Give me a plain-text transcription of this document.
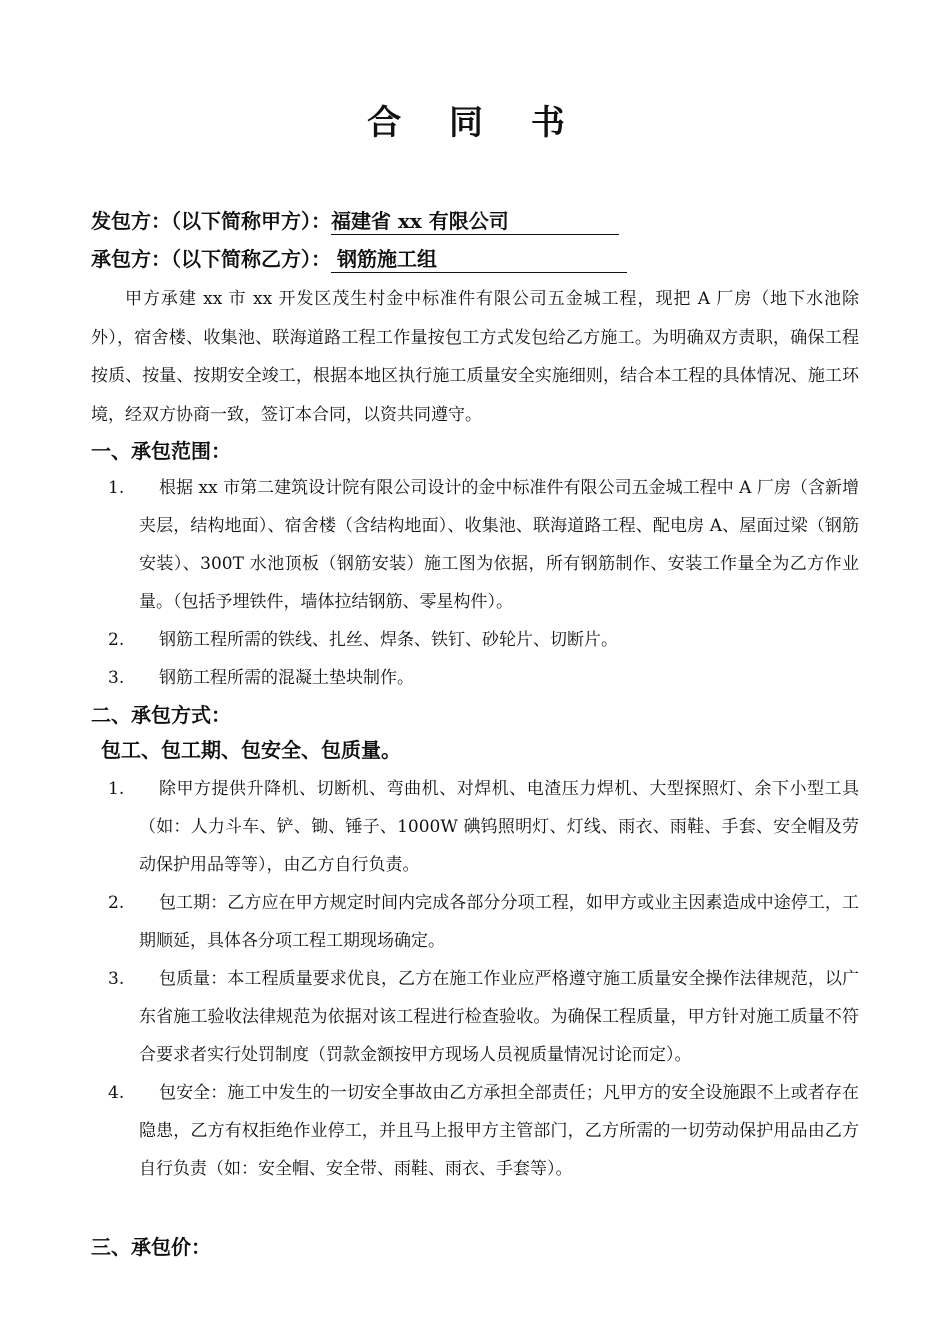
合 同 书
发包方：（以下简称甲方）：福建省 xx 有限公司
承包方：（以下简称乙方）： 钢筋施工组
甲方承建 xx 市 xx 开发区茂生村金中标准件有限公司五金城工程，现把 A 厂房（地下水池除外），宿舍楼、收集池、联海道路工程工作量按包工方式发包给乙方施工。为明确双方责职，确保工程按质、按量、按期安全竣工，根据本地区执行施工质量安全实施细则，结合本工程的具体情况、施工环境，经双方协商一致，签订本合同，以资共同遵守。
一、承包范围：
1.	根据 xx 市第二建筑设计院有限公司设计的金中标准件有限公司五金城工程中 A 厂房（含新增夹层，结构地面）、宿舍楼（含结构地面）、收集池、联海道路工程、配电房 A、屋面过梁（钢筋安装）、300T 水池顶板（钢筋安装）施工图为依据，所有钢筋制作、安装工作量全为乙方作业量。（包括予埋铁件，墙体拉结钢筋、零星构件）。
2.	钢筋工程所需的铁线、扎丝、焊条、铁钉、砂轮片、切断片。
3.	钢筋工程所需的混凝土垫块制作。
二、承包方式：
包工、包工期、包安全、包质量。
1.	除甲方提供升降机、切断机、弯曲机、对焊机、电渣压力焊机、大型探照灯、余下小型工具（如：人力斗车、铲、锄、锤子、1000W 碘钨照明灯、灯线、雨衣、雨鞋、手套、安全帽及劳动保护用品等等），由乙方自行负责。
2.	包工期：乙方应在甲方规定时间内完成各部分分项工程，如甲方或业主因素造成中途停工，工期顺延，具体各分项工程工期现场确定。
3.	包质量：本工程质量要求优良，乙方在施工作业应严格遵守施工质量安全操作法律规范，以广东省施工验收法律规范为依据对该工程进行检查验收。为确保工程质量，甲方针对施工质量不符合要求者实行处罚制度（罚款金额按甲方现场人员视质量情况讨论而定）。
4.	包安全：施工中发生的一切安全事故由乙方承担全部责任；凡甲方的安全设施跟不上或者存在隐患，乙方有权拒绝作业停工，并且马上报甲方主管部门，乙方所需的一切劳动保护用品由乙方自行负责（如：安全帽、安全带、雨鞋、雨衣、手套等）。
三、承包价：
